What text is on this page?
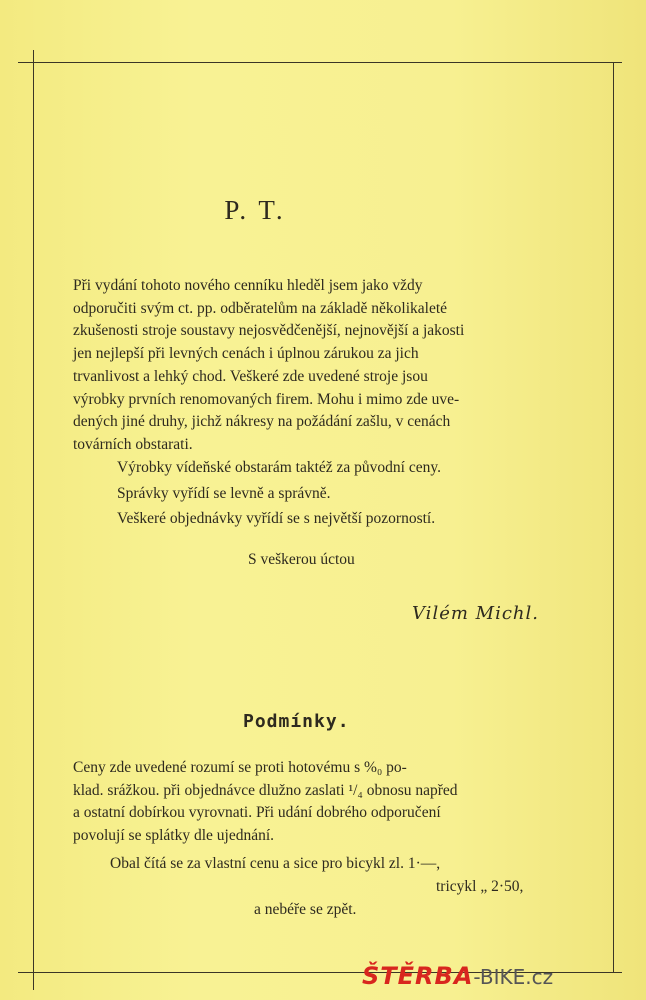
P. T.
Při vydání tohoto nového cenníku hleděl jsem jako vždy
odporučiti svým ct. pp. odběratelům na základě několikaleté
zkušenosti stroje soustavy nejosvědčenější, nejnovější a jakosti
jen nejlepší při levných cenách i úplnou zárukou za jich
trvanlivost a lehký chod. Veškeré zde uvedené stroje jsou
výrobky prvních renomovaných firem. Mohu i mimo zde uve-
dených jiné druhy, jichž nákresy na požádání zašlu, v cenách
továrních obstarati.
Výrobky vídeňské obstarám taktéž za původní ceny.
Správky vyřídí se levně a správně.
Veškeré objednávky vyřídí se s největší pozorností.
S veškerou úctou
Vilém Michl.
Podmínky.
Ceny zde uvedené rozumí se proti hotovému s %₀ po-
klad. srážkou. při objednávce dlužno zaslati ¹/₄ obnosu napřed
a ostatní dobírkou vyrovnati. Při udání dobrého odporučení
povolují se splátky dle ujednání.
Obal čítá se za vlastní cenu a sice pro bicykl zl. 1·—,
tricykl „ 2·50,
a nebéře se zpět.
ŠTĚRBA-BIKE.cz
